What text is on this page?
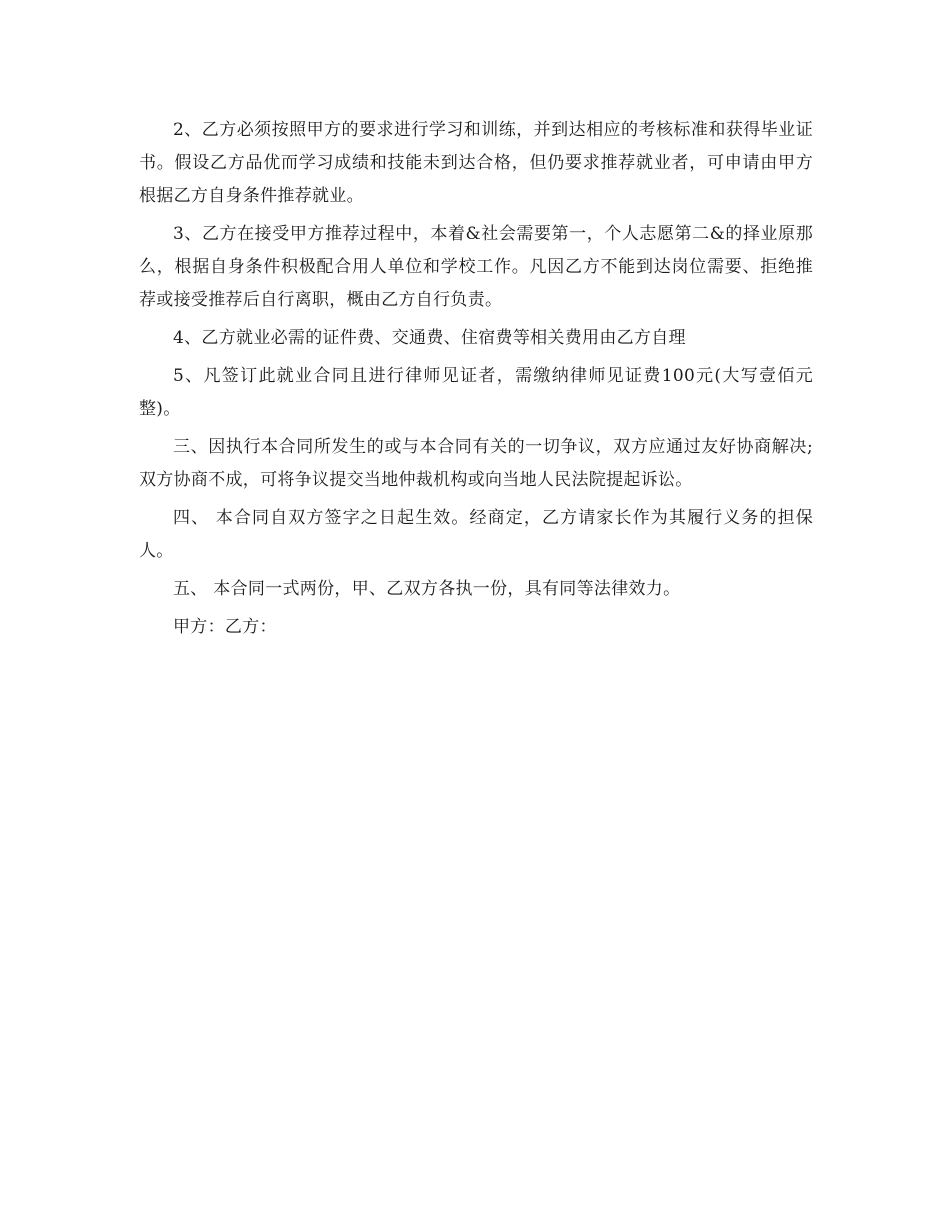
2、乙方必须按照甲方的要求进行学习和训练，并到达相应的考核标准和获得毕业证书。假设乙方品优而学习成绩和技能未到达合格，但仍要求推荐就业者，可申请由甲方根据乙方自身条件推荐就业。

3、乙方在接受甲方推荐过程中，本着&社会需要第一，个人志愿第二&的择业原那么，根据自身条件积极配合用人单位和学校工作。凡因乙方不能到达岗位需要、拒绝推荐或接受推荐后自行离职，概由乙方自行负责。

4、乙方就业必需的证件费、交通费、住宿费等相关费用由乙方自理

5、凡签订此就业合同且进行律师见证者，需缴纳律师见证费100元(大写壹佰元整)。

三、因执行本合同所发生的或与本合同有关的一切争议，双方应通过友好协商解决;双方协商不成，可将争议提交当地仲裁机构或向当地人民法院提起诉讼。

四、 本合同自双方签字之日起生效。经商定，乙方请家长作为其履行义务的担保人。

五、 本合同一式两份，甲、乙双方各执一份，具有同等法律效力。

甲方：乙方：
